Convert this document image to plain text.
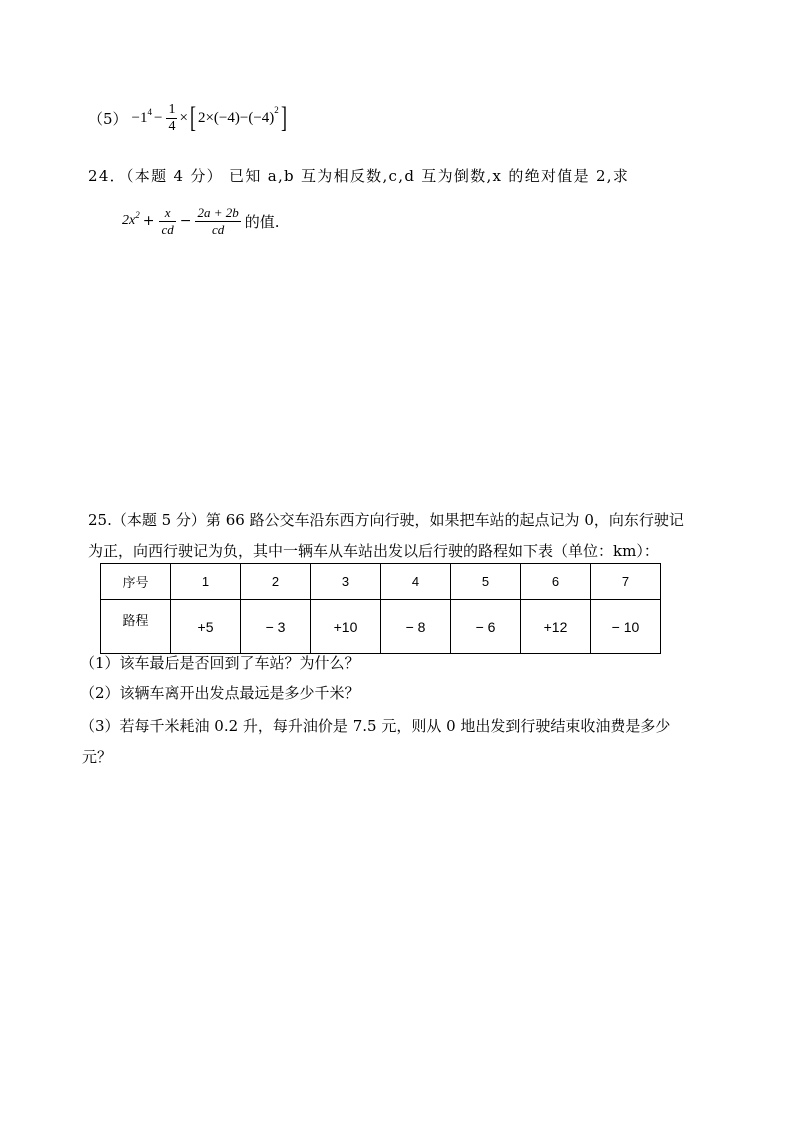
$(5) -1^4 - \frac{1}{4}$ × [ $2\times(-4)-(-4)^2$ ]
24．（本题 4 分） 已知 a,b 互为相反数,c,d 互为倒数,x 的绝对值是 2,求
$2x^2 + \frac{x}{cd} - \frac{2a + 2b}{cd}$ 的值.
25.（本题 5 分）第 66 路公交车沿东西方向行驶，如果把车站的起点记为 0，向东行驶记
为正，向西行驶记为负，其中一辆车从车站出发以后行驶的路程如下表（单位：km）：
序号	1	2	3	4	5	6	7
路程	+5	− 3	+10	− 8	− 6	+12	− 10
（1）该车最后是否回到了车站？为什么？
（2）该辆车离开出发点最远是多少千米？
（3）若每千米耗油 0.2 升，每升油价是 7.5 元，则从 0 地出发到行驶结束收油费是多少
元？
